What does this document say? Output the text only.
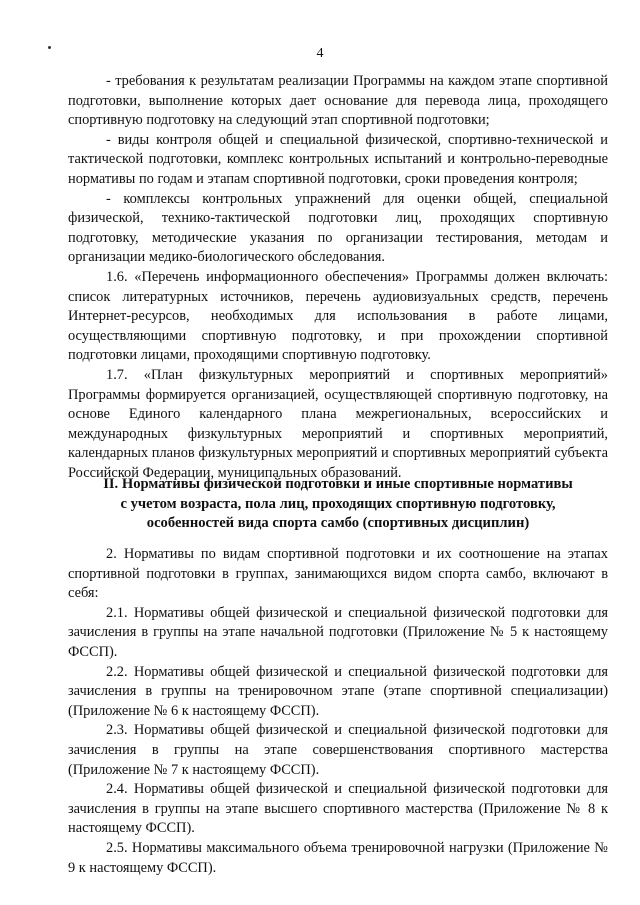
4

- требования к результатам реализации Программы на каждом этапе спортивной подготовки, выполнение которых дает основание для перевода лица, проходящего спортивную подготовку на следующий этап спортивной подготовки;

- виды контроля общей и специальной физической, спортивно-технической и тактической подготовки, комплекс контрольных испытаний и контрольно-переводные нормативы по годам и этапам спортивной подготовки, сроки проведения контроля;

- комплексы контрольных упражнений для оценки общей, специальной физической, технико-тактической подготовки лиц, проходящих спортивную подготовку, методические указания по организации тестирования, методам и организации медико-биологического обследования.

1.6. «Перечень информационного обеспечения» Программы должен включать: список литературных источников, перечень аудиовизуальных средств, перечень Интернет-ресурсов, необходимых для использования в работе лицами, осуществляющими спортивную подготовку, и при прохождении спортивной подготовки лицами, проходящими спортивную подготовку.

1.7. «План физкультурных мероприятий и спортивных мероприятий» Программы формируется организацией, осуществляющей спортивную подготовку, на основе Единого календарного плана межрегиональных, всероссийских и международных физкультурных мероприятий и спортивных мероприятий, календарных планов физкультурных мероприятий и спортивных мероприятий субъекта Российской Федерации, муниципальных образований.

II. Нормативы физической подготовки и иные спортивные нормативы
с учетом возраста, пола лиц, проходящих спортивную подготовку,
особенностей вида спорта самбо (спортивных дисциплин)

2. Нормативы по видам спортивной подготовки и их соотношение на этапах спортивной подготовки в группах, занимающихся видом спорта самбо, включают в себя:

2.1. Нормативы общей физической и специальной физической подготовки для зачисления в группы на этапе начальной подготовки (Приложение № 5 к настоящему ФССП).

2.2. Нормативы общей физической и специальной физической подготовки для зачисления в группы на тренировочном этапе (этапе спортивной специализации) (Приложение № 6 к настоящему ФССП).

2.3. Нормативы общей физической и специальной физической подготовки для зачисления в группы на этапе совершенствования спортивного мастерства (Приложение № 7 к настоящему ФССП).

2.4. Нормативы общей физической и специальной физической подготовки для зачисления в группы на этапе высшего спортивного мастерства (Приложение № 8 к настоящему ФССП).

2.5. Нормативы максимального объема тренировочной нагрузки (Приложение № 9 к настоящему ФССП).
